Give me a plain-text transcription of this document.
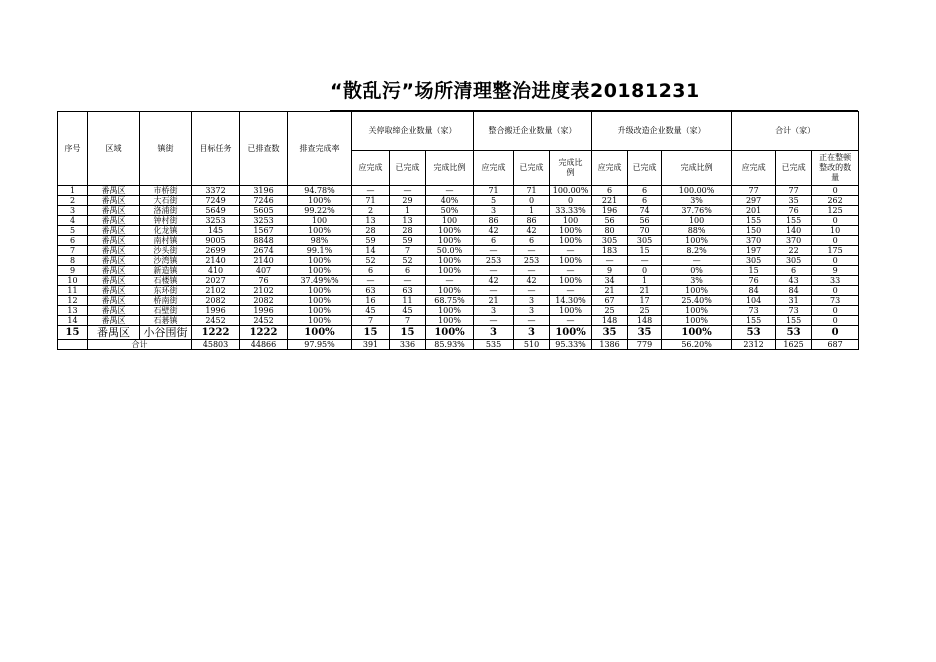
“散乱污”场所清理整治进度表20181231
序号	区域	镇街	目标任务	已排查数	排查完成率	关停取缔企业数量（家）			整合搬迁企业数量（家）			升级改造企业数量（家）			合计（家）		
						应完成	已完成	完成比例	应完成	已完成	完成比例	应完成	已完成	完成比例	应完成	已完成	正在整顿整改的数量
1	番禺区	市桥街	3372	3196	94.78%	—	—	—	71	71	100.00%	6	6	100.00%	77	77	0
2	番禺区	大石街	7249	7246	100%	71	29	40%	5	0	0	221	6	3%	297	35	262
3	番禺区	洛浦街	5649	5605	99.22%	2	1	50%	3	1	33.33%	196	74	37.76%	201	76	125
4	番禺区	钟村街	3253	3253	100	13	13	100	86	86	100	56	56	100	155	155	0
5	番禺区	化龙镇	145	1567	100%	28	28	100%	42	42	100%	80	70	88%	150	140	10
6	番禺区	南村镇	9005	8848	98%	59	59	100%	6	6	100%	305	305	100%	370	370	0
7	番禺区	沙头街	2699	2674	99.1%	14	7	50.0%	—	—	—	183	15	8.2%	197	22	175
8	番禺区	沙湾镇	2140	2140	100%	52	52	100%	253	253	100%	—	—	—	305	305	0
9	番禺区	新造镇	410	407	100%	6	6	100%	—	—	—	9	0	0%	15	6	9
10	番禺区	石楼镇	2027	76	37.49%%	—	—	—	42	42	100%	34	1	3%	76	43	33
11	番禺区	东环街	2102	2102	100%	63	63	100%	—	—	—	21	21	100%	84	84	0
12	番禺区	桥南街	2082	2082	100%	16	11	68.75%	21	3	14.30%	67	17	25.40%	104	31	73
13	番禺区	石壁街	1996	1996	100%	45	45	100%	3	3	100%	25	25	100%	73	73	0
14	番禺区	石碁镇	2452	2452	100%	7	7	100%	—	—	—	148	148	100%	155	155	0
15	番禺区	小谷围街	1222	1222	100%	15	15	100%	3	3	100%	35	35	100%	53	53	0
	合计		45803	44866	97.95%	391	336	85.93%	535	510	95.33%	1386	779	56.20%	2312	1625	687
